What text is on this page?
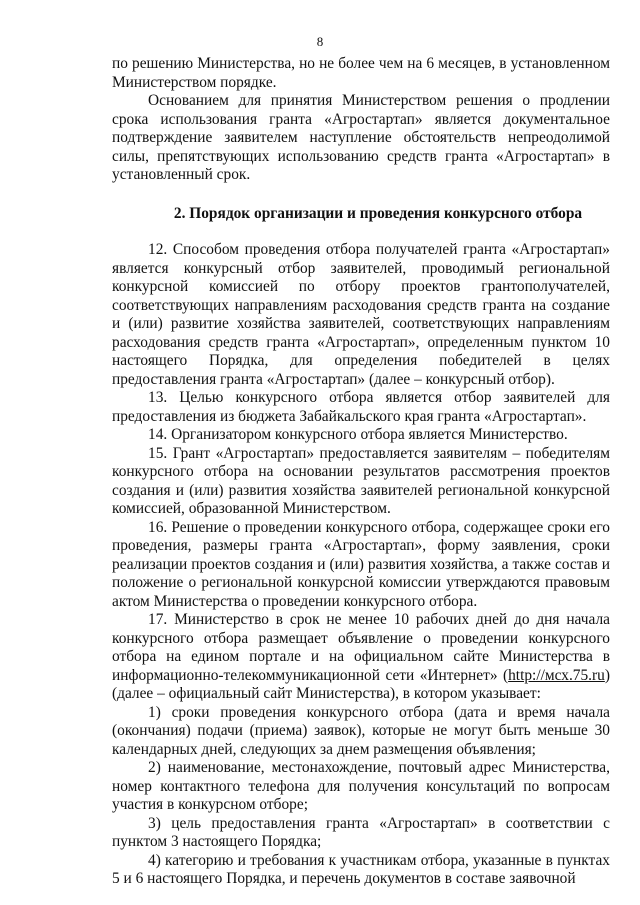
8

по решению Министерства, но не более чем на 6 месяцев, в установленном Министерством порядке.

Основанием для принятия Министерством решения о продлении срока использования гранта «Агростартап» является документальное подтверждение заявителем наступление обстоятельств непреодолимой силы, препятствующих использованию средств гранта «Агростартап» в установленный срок.

2. Порядок организации и проведения конкурсного отбора

12. Способом проведения отбора получателей гранта «Агростартап» является конкурсный отбор заявителей, проводимый региональной конкурсной комиссией по отбору проектов грантополучателей, соответствующих направлениям расходования средств гранта на создание и (или) развитие хозяйства заявителей, соответствующих направлениям расходования средств гранта «Агростартап», определенным пунктом 10 настоящего Порядка, для определения победителей в целях предоставления гранта «Агростартап» (далее – конкурсный отбор).

13. Целью конкурсного отбора является отбор заявителей для предоставления из бюджета Забайкальского края гранта «Агростартап».

14. Организатором конкурсного отбора является Министерство.

15. Грант «Агростартап» предоставляется заявителям – победителям конкурсного отбора на основании результатов рассмотрения проектов создания и (или) развития хозяйства заявителей региональной конкурсной комиссией, образованной Министерством.

16. Решение о проведении конкурсного отбора, содержащее сроки его проведения, размеры гранта «Агростартап», форму заявления, сроки реализации проектов создания и (или) развития хозяйства, а также состав и положение о региональной конкурсной комиссии утверждаются правовым актом Министерства о проведении конкурсного отбора.

17. Министерство в срок не менее 10 рабочих дней до дня начала конкурсного отбора размещает объявление о проведении конкурсного отбора на едином портале и на официальном сайте Министерства в информационно-телекоммуникационной сети «Интернет» (http://мсх.75.ru) (далее – официальный сайт Министерства), в котором указывает:

1) сроки проведения конкурсного отбора (дата и время начала (окончания) подачи (приема) заявок), которые не могут быть меньше 30 календарных дней, следующих за днем размещения объявления;

2) наименование, местонахождение, почтовый адрес Министерства, номер контактного телефона для получения консультаций по вопросам участия в конкурсном отборе;

3) цель предоставления гранта «Агростартап» в соответствии с пунктом 3 настоящего Порядка;

4) категорию и требования к участникам отбора, указанные в пунктах 5 и 6 настоящего Порядка, и перечень документов в составе заявочной
